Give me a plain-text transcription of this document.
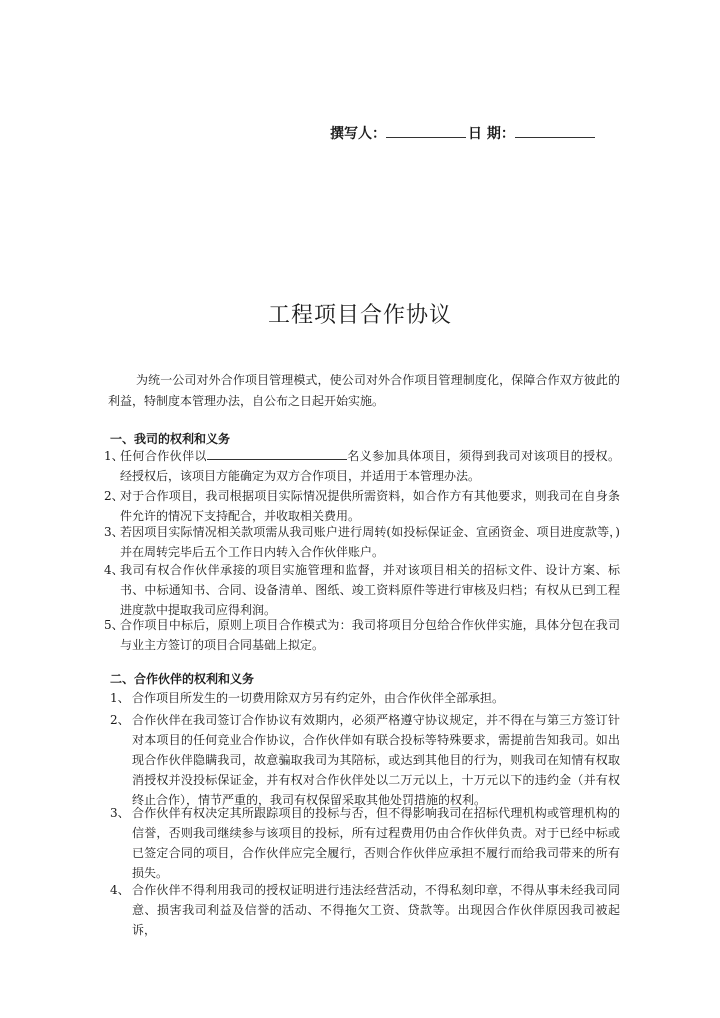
撰写人：	日 期：
工程项目合作协议
为统一公司对外合作项目管理模式，使公司对外合作项目管理制度化，保障合作双方彼此的利益，特制度本管理办法，自公布之日起开始实施。
一、我司的权利和义务
1、
任何合作伙伴以	名义参加具体项目，须得到我司对该项目的授权。经授权后，该项目方能确定为双方合作项目，并适用于本管理办法。
2、
对于合作项目，我司根据项目实际情况提供所需资料，如合作方有其他要求，则我司在自身条件允许的情况下支持配合，并收取相关费用。
3、
若因项目实际情况相关款项需从我司账户进行周转(如投标保证金、宣函资金、项目进度款等，)并在周转完毕后五个工作日内转入合作伙伴账户。
4、
我司有权合作伙伴承接的项目实施管理和监督，并对该项目相关的招标文件、设计方案、标书、中标通知书、合同、设备清单、图纸、竣工资料原件等进行审核及归档；有权从已到工程进度款中提取我司应得利润。
5、
合作项目中标后，原则上项目合作模式为：我司将项目分包给合作伙伴实施，具体分包在我司与业主方签订的项目合同基础上拟定。
二、合作伙伴的权利和义务
1、 合作项目所发生的一切费用除双方另有约定外，由合作伙伴全部承担。
2、 合作伙伴在我司签订合作协议有效期内，必须严格遵守协议规定，并不得在与第三方签订针对本项目的任何竞业合作协议，合作伙伴如有联合投标等特殊要求，需提前告知我司。如出现合作伙伴隐瞒我司，故意骗取我司为其陪标，或达到其他目的行为，则我司在知情有权取消授权并没投标保证金，并有权对合作伙伴处以二万元以上，十万元以下的违约金（并有权终止合作），情节严重的，我司有权保留采取其他处罚措施的权利。
3、 合作伙伴有权决定其所跟踪项目的投标与否，但不得影响我司在招标代理机构或管理机构的信誉，否则我司继续参与该项目的投标，所有过程费用仍由合作伙伴负责。对于已经中标或已签定合同的项目，合作伙伴应完全履行，否则合作伙伴应承担不履行而给我司带来的所有损失。
4、 合作伙伴不得利用我司的授权证明进行违法经营活动，不得私刻印章，不得从事未经我司同意、损害我司利益及信誉的活动、不得拖欠工资、贷款等。出现因合作伙伴原因我司被起诉，
